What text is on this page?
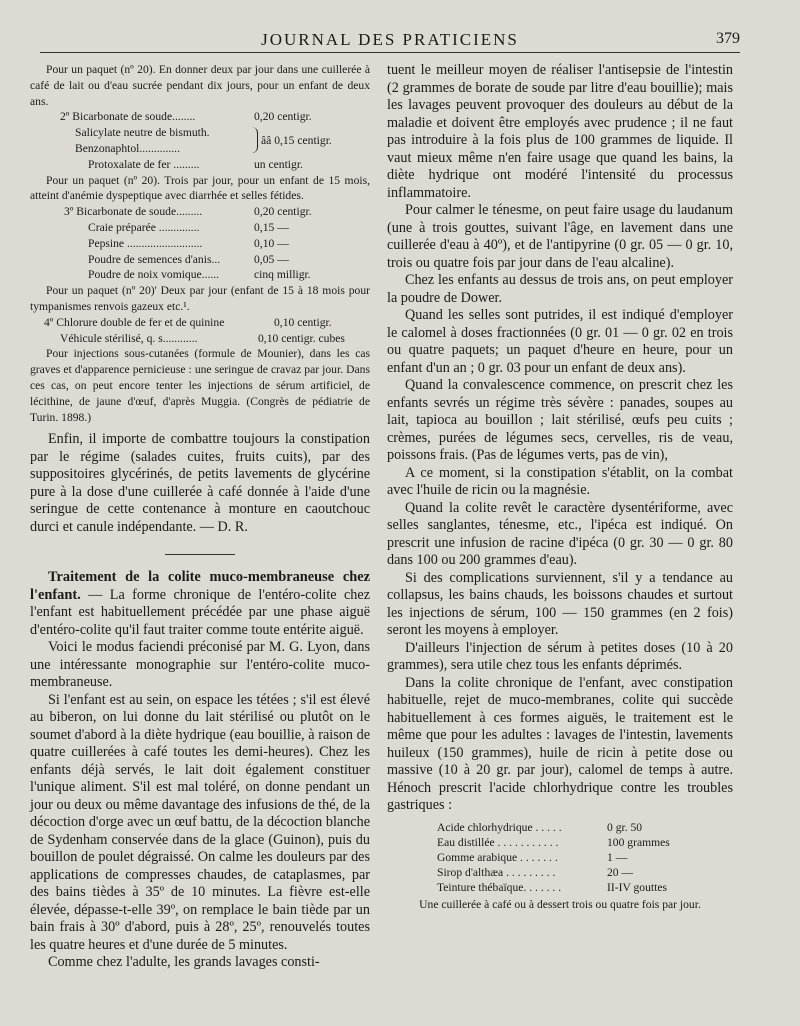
JOURNAL DES PRATICIENS	379

Pour un paquet (nº 20). En donner deux par jour dans une cuillerée à café de lait ou d'eau sucrée pendant dix jours, pour un enfant de deux ans.

2º Bicarbonate de soude........	0,20 centigr.
Salicylate neutre de bismuth.
Benzonaphtol..............
ââ 0,15 centigr.
Protoxalate de fer .........	un centigr.

Pour un paquet (nº 20). Trois par jour, pour un enfant de 15 mois, atteint d'anémie dyspeptique avec diarrhée et selles fétides.

3º Bicarbonate de soude.........	0,20 centigr.
Craie préparée ..............	0,15 —
Pepsine ..........................	0,10 —
Poudre de semences d'anis...	0,05 —
Poudre de noix vomique......	cinq milligr.

Pour un paquet (nº 20)' Deux par jour (enfant de 15 à 18 mois pour tympanismes renvois gazeux etc.¹.

4º Chlorure double de fer et de quinine	0,10 centigr.
Véhicule stérilisé, q. s............	0,10 centigr. cubes

Pour injections sous-cutanées (formule de Mounier), dans les cas graves et d'apparence pernicieuse : une seringue de cravaz par jour. Dans ces cas, on peut encore tenter les injections de sérum artificiel, de lécithine, de jaune d'œuf, d'après Muggia. (Congrès de pédiatrie de Turin. 1898.)

Enfin, il importe de combattre toujours la constipation par le régime (salades cuites, fruits cuits), par des suppositoires glycérinés, de petits lavements de glycérine pure à la dose d'une cuillerée à café donnée à l'aide d'une seringue de cette contenance à monture en caoutchouc durci et canule indépendante. — D. R.

Traitement de la colite muco-membraneuse chez l'enfant. — La forme chronique de l'entéro-colite chez l'enfant est habituellement précédée par une phase aiguë d'entéro-colite qu'il faut traiter comme toute entérite aiguë.

Voici le modus faciendi préconisé par M. G. Lyon, dans une intéressante monographie sur l'entéro-colite muco-membraneuse.

Si l'enfant est au sein, on espace les tétées ; s'il est élevé au biberon, on lui donne du lait stérilisé ou plutôt on le soumet d'abord à la diète hydrique (eau bouillie, à raison de quatre cuillerées à café toutes les demi-heures). Chez les enfants déjà servés, le lait doit également constituer l'unique aliment. S'il est mal toléré, on donne pendant un jour ou deux ou même davantage des infusions de thé, de la décoction d'orge avec un œuf battu, de la décoction blanche de Sydenham conservée dans de la glace (Guinon), puis du bouillon de poulet dégraissé. On calme les douleurs par des applications de compresses chaudes, de cataplasmes, par des bains tièdes à 35º de 10 minutes. La fièvre est-elle élevée, dépasse-t-elle 39º, on remplace le bain tiède par un bain frais à 30º d'abord, puis à 28º, 25º, renouvelés toutes les quatre heures et d'une durée de 5 minutes.

Comme chez l'adulte, les grands lavages consti-

tuent le meilleur moyen de réaliser l'antisepsie de l'intestin (2 grammes de borate de soude par litre d'eau bouillie); mais les lavages peuvent provoquer des douleurs au début de la maladie et doivent être employés avec prudence ; il ne faut pas introduire à la fois plus de 100 grammes de liquide. Il vaut mieux même n'en faire usage que quand les bains, la diète hydrique ont modéré l'intensité du processus inflammatoire.

Pour calmer le ténesme, on peut faire usage du laudanum (une à trois gouttes, suivant l'âge, en lavement dans une cuillerée d'eau à 40º), et de l'antipyrine (0 gr. 05 — 0 gr. 10, trois ou quatre fois par jour dans de l'eau alcaline).

Chez les enfants au dessus de trois ans, on peut employer la poudre de Dower.

Quand les selles sont putrides, il est indiqué d'employer le calomel à doses fractionnées (0 gr. 01 — 0 gr. 02 en trois ou quatre paquets; un paquet d'heure en heure, pour un enfant d'un an ; 0 gr. 03 pour un enfant de deux ans).

Quand la convalescence commence, on prescrit chez les enfants sevrés un régime très sévère : panades, soupes au lait, tapioca au bouillon ; lait stérilisé, œufs peu cuits ; crèmes, purées de légumes secs, cervelles, ris de veau, poissons frais. (Pas de légumes verts, pas de vin),

A ce moment, si la constipation s'établit, on la combat avec l'huile de ricin ou la magnésie.

Quand la colite revêt le caractère dysentériforme, avec selles sanglantes, ténesme, etc., l'ipéca est indiqué. On prescrit une infusion de racine d'ipéca (0 gr. 30 — 0 gr. 80 dans 100 ou 200 grammes d'eau).

Si des complications surviennent, s'il y a tendance au collapsus, les bains chauds, les boissons chaudes et surtout les injections de sérum, 100 — 150 grammes (en 2 fois) seront les moyens à employer.

D'ailleurs l'injection de sérum à petites doses (10 à 20 grammes), sera utile chez tous les enfants déprimés.

Dans la colite chronique de l'enfant, avec constipation habituelle, rejet de muco-membranes, colite qui succède habituellement à ces formes aiguës, le traitement est le même que pour les adultes : lavages de l'intestin, lavements huileux (150 grammes), huile de ricin à petite dose ou massive (10 à 20 gr. par jour), calomel de temps à autre. Hénoch prescrit l'acide chlorhydrique contre les troubles gastriques :

Acide chlorhydrique . . . . .	0 gr. 50
Eau distillée . . . . . . . . . . .	100 grammes
Gomme arabique . . . . . . .	1 —
Sirop d'althæa . . . . . . . . .	20 —
Teinture thébaïque. . . . . . .	II-IV gouttes
Une cuillerée à café ou à dessert trois ou quatre fois par jour.
